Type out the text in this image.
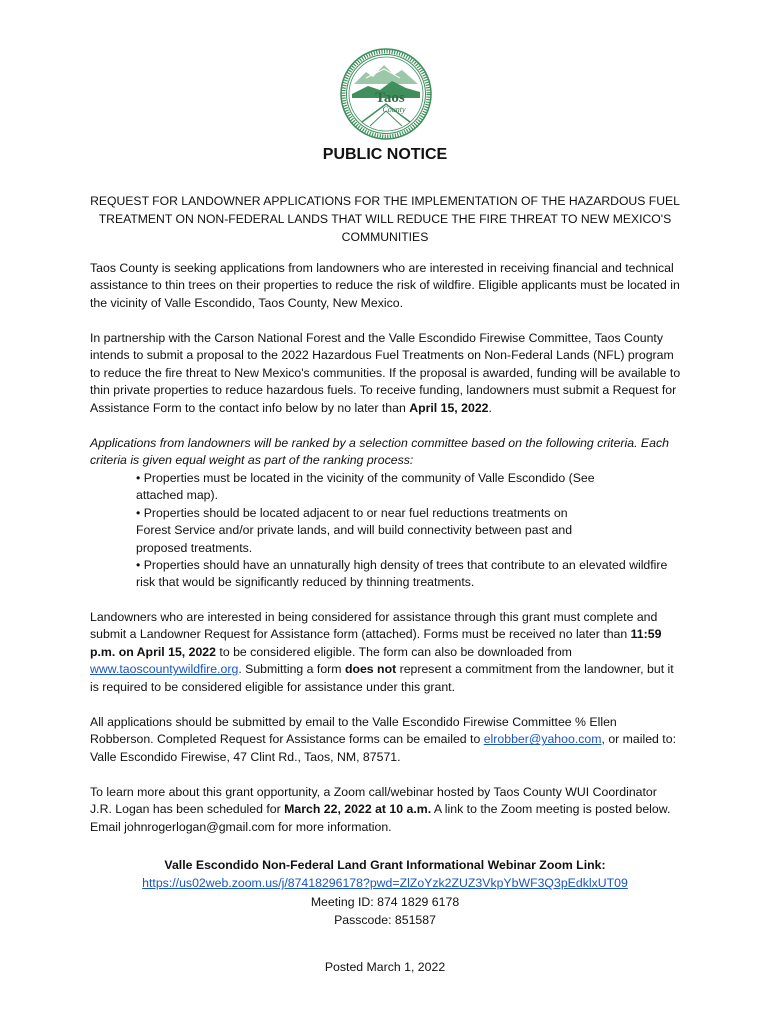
Taos
County
PUBLIC NOTICE
REQUEST FOR LANDOWNER APPLICATIONS FOR THE IMPLEMENTATION OF THE HAZARDOUS FUEL TREATMENT ON NON-FEDERAL LANDS THAT WILL REDUCE THE FIRE THREAT TO NEW MEXICO'S COMMUNITIES

Taos County is seeking applications from landowners who are interested in receiving financial and technical assistance to thin trees on their properties to reduce the risk of wildfire. Eligible applicants must be located in the vicinity of Valle Escondido, Taos County, New Mexico.

In partnership with the Carson National Forest and the Valle Escondido Firewise Committee, Taos County intends to submit a proposal to the 2022 Hazardous Fuel Treatments on Non-Federal Lands (NFL) program to reduce the fire threat to New Mexico's communities. If the proposal is awarded, funding will be available to thin private properties to reduce hazardous fuels. To receive funding, landowners must submit a Request for Assistance Form to the contact info below by no later than April 15, 2022.

Applications from landowners will be ranked by a selection committee based on the following criteria. Each criteria is given equal weight as part of the ranking process:

• Properties must be located in the vicinity of the community of Valle Escondido (See attached map).

• Properties should be located adjacent to or near fuel reductions treatments on Forest Service and/or private lands, and will build connectivity between past and proposed treatments.

• Properties should have an unnaturally high density of trees that contribute to an elevated wildfire risk that would be significantly reduced by thinning treatments.

Landowners who are interested in being considered for assistance through this grant must complete and submit a Landowner Request for Assistance form (attached). Forms must be received no later than 11:59 p.m. on April 15, 2022 to be considered eligible. The form can also be downloaded from www.taoscountywildfire.org. Submitting a form does not represent a commitment from the landowner, but it is required to be considered eligible for assistance under this grant.

All applications should be submitted by email to the Valle Escondido Firewise Committee % Ellen Robberson. Completed Request for Assistance forms can be emailed to elrobber@yahoo.com, or mailed to: Valle Escondido Firewise, 47 Clint Rd., Taos, NM, 87571.

To learn more about this grant opportunity, a Zoom call/webinar hosted by Taos County WUI Coordinator J.R. Logan has been scheduled for March 22, 2022 at 10 a.m. A link to the Zoom meeting is posted below. Email johnrogerlogan@gmail.com for more information.

Valle Escondido Non-Federal Land Grant Informational Webinar Zoom Link:
https://us02web.zoom.us/j/87418296178?pwd=ZlZoYzk2ZUZ3VkpYbWF3Q3pEdklxUT09
Meeting ID: 874 1829 6178
Passcode: 851587
Posted March 1, 2022
